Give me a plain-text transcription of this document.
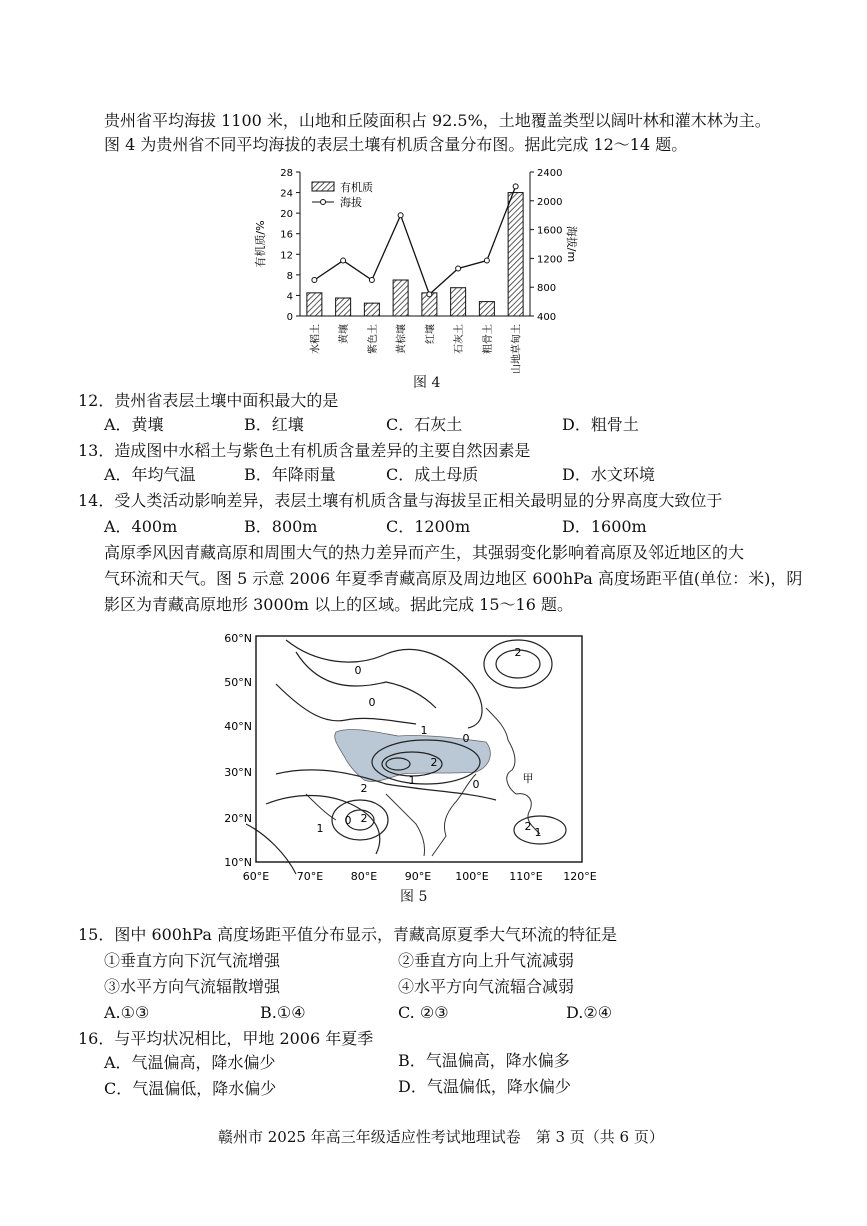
贵州省平均海拔 1100 米，山地和丘陵面积占 92.5%，土地覆盖类型以阔叶林和灌木林为主。
图 4 为贵州省不同平均海拔的表层土壤有机质含量分布图。据此完成 12～14 题。
0
4
8
12
16
20
24
28
400
800
1200
1600
2000
2400
有机质/%	海拔/m
水稻土 黄壤 紫色土 黄棕壤 红壤 石灰土 粗骨土 山地草甸土
有机质
海拔
图 4
12．贵州省表层土壤中面积最大的是
A．黄壤	B．红壤	C．石灰土	D．粗骨土
13．造成图中水稻土与紫色土有机质含量差异的主要自然因素是
A．年均气温	B．年降雨量	C．成土母质	D．水文环境
14．受人类活动影响差异，表层土壤有机质含量与海拔呈正相关最明显的分界高度大致位于
A．400m	B．800m	C．1200m	D．1600m
高原季风因青藏高原和周围大气的热力差异而产生，其强弱变化影响着高原及邻近地区的大
气环流和天气。图 5 示意 2006 年夏季青藏高原及周边地区 600hPa 高度场距平值(单位：米)，阴
影区为青藏高原地形 3000m 以上的区域。据此完成 15～16 题。
60°N
50°N
40°N
30°N
20°N
10°N
60°E	70°E	80°E	90°E 100°E 110°E 120°E
2
0
0
1
2
0
1
2
0
1
2
0
1
2
甲
图 5
15．图中 600hPa 高度场距平值分布显示，青藏高原夏季大气环流的特征是
①垂直方向下沉气流增强	②垂直方向上升气流减弱
③水平方向气流辐散增强	④水平方向气流辐合减弱
A.①③	B.①④	C. ②③	D.②④
16．与平均状况相比，甲地 2006 年夏季
A．气温偏高，降水偏少	B．气温偏高，降水偏多
C．气温偏低，降水偏少	D．气温偏低，降水偏少
赣州市 2025 年高三年级适应性考试地理试卷　第 3 页（共 6 页）
